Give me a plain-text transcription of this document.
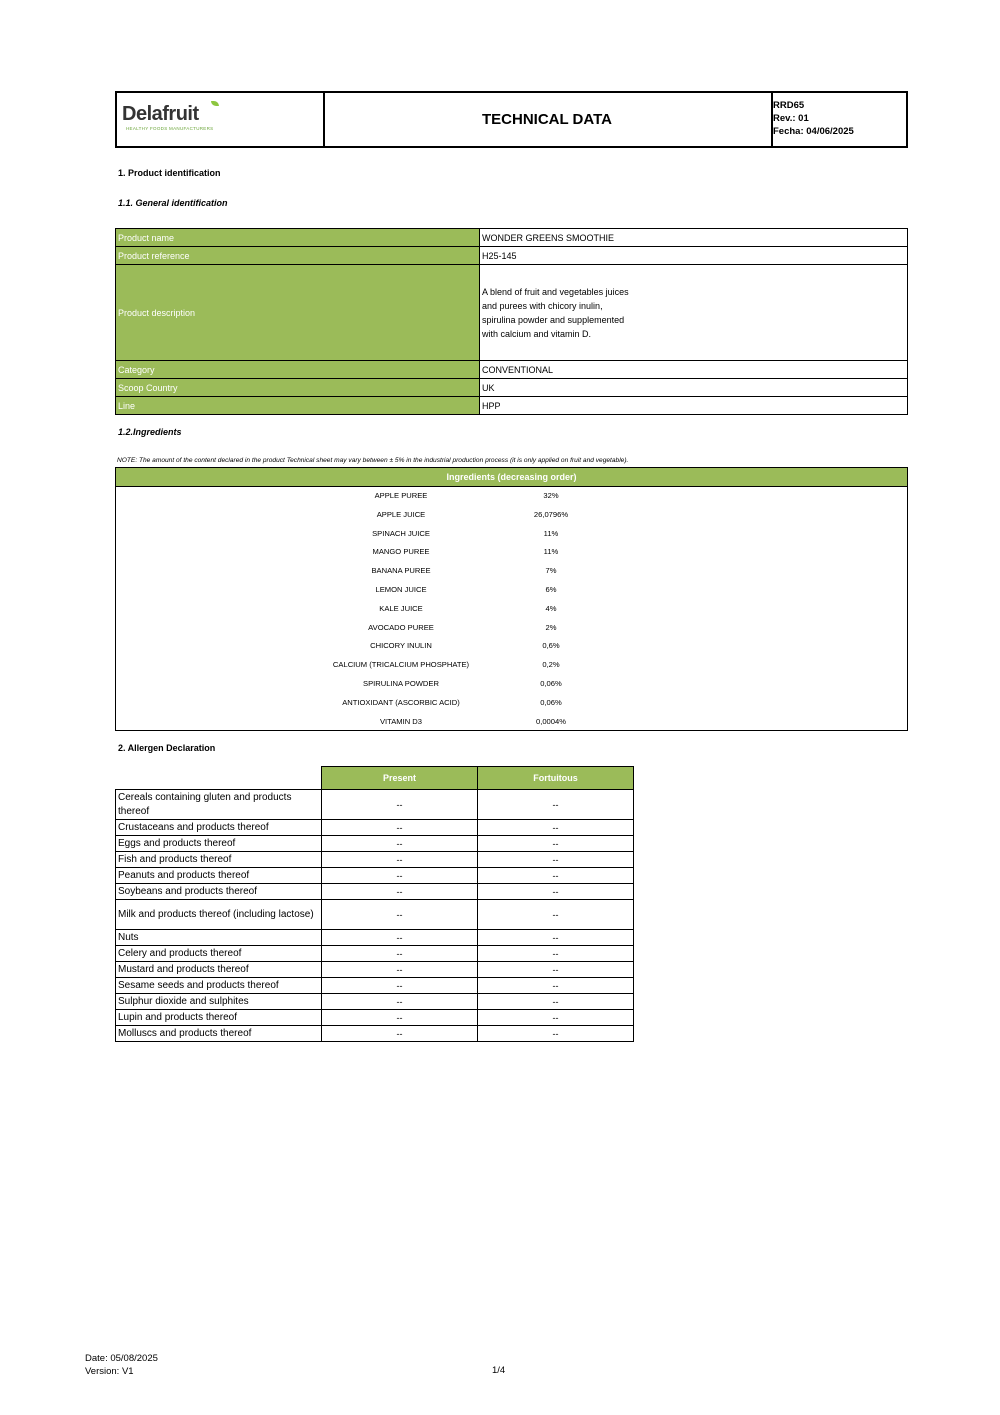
Delafruit
HEALTHY FOODS MANUFACTURERS
TECHNICAL DATA
RRD65
Rev.: 01
Fecha: 04/06/2025
1. Product identification
1.1. General identification
Product name	WONDER GREENS SMOOTHIE
Product reference	H25-145
Product description	A blend of fruit and vegetables juices and purees with chicory inulin, spirulina powder and supplemented with calcium and vitamin D.

Category	CONVENTIONAL
Scoop Country	UK
Line	HPP
1.2.Ingredients
NOTE: The amount of the content declared in the product Technical sheet may vary between ± 5% in the industrial production process (it is only applied on fruit and vegetable).
Ingredients (decreasing order)
APPLE PUREE	32%
APPLE JUICE	26,0796%
SPINACH JUICE	11%
MANGO PUREE	11%
BANANA PUREE	7%
LEMON JUICE	6%
KALE JUICE	4%
AVOCADO PUREE	2%
CHICORY INULIN	0,6%
CALCIUM (TRICALCIUM PHOSPHATE)	0,2%
SPIRULINA POWDER	0,06%
ANTIOXIDANT (ASCORBIC ACID)	0,06%
VITAMIN D3	0,0004%
2. Allergen Declaration
	Present	Fortuitous
Cereals containing gluten and products thereof	--	--
Crustaceans and products thereof	--	--
Eggs and products thereof	--	--
Fish and products thereof	--	--
Peanuts and products thereof	--	--
Soybeans and products thereof	--	--
Milk and products thereof (including lactose)	--	--
Nuts	--	--
Celery and products thereof	--	--
Mustard and products thereof	--	--
Sesame seeds and products thereof	--	--
Sulphur dioxide and sulphites	--	--
Lupin and products thereof	--	--
Molluscs and products thereof	--	--
Date: 05/08/2025
Version: V1	1/4
